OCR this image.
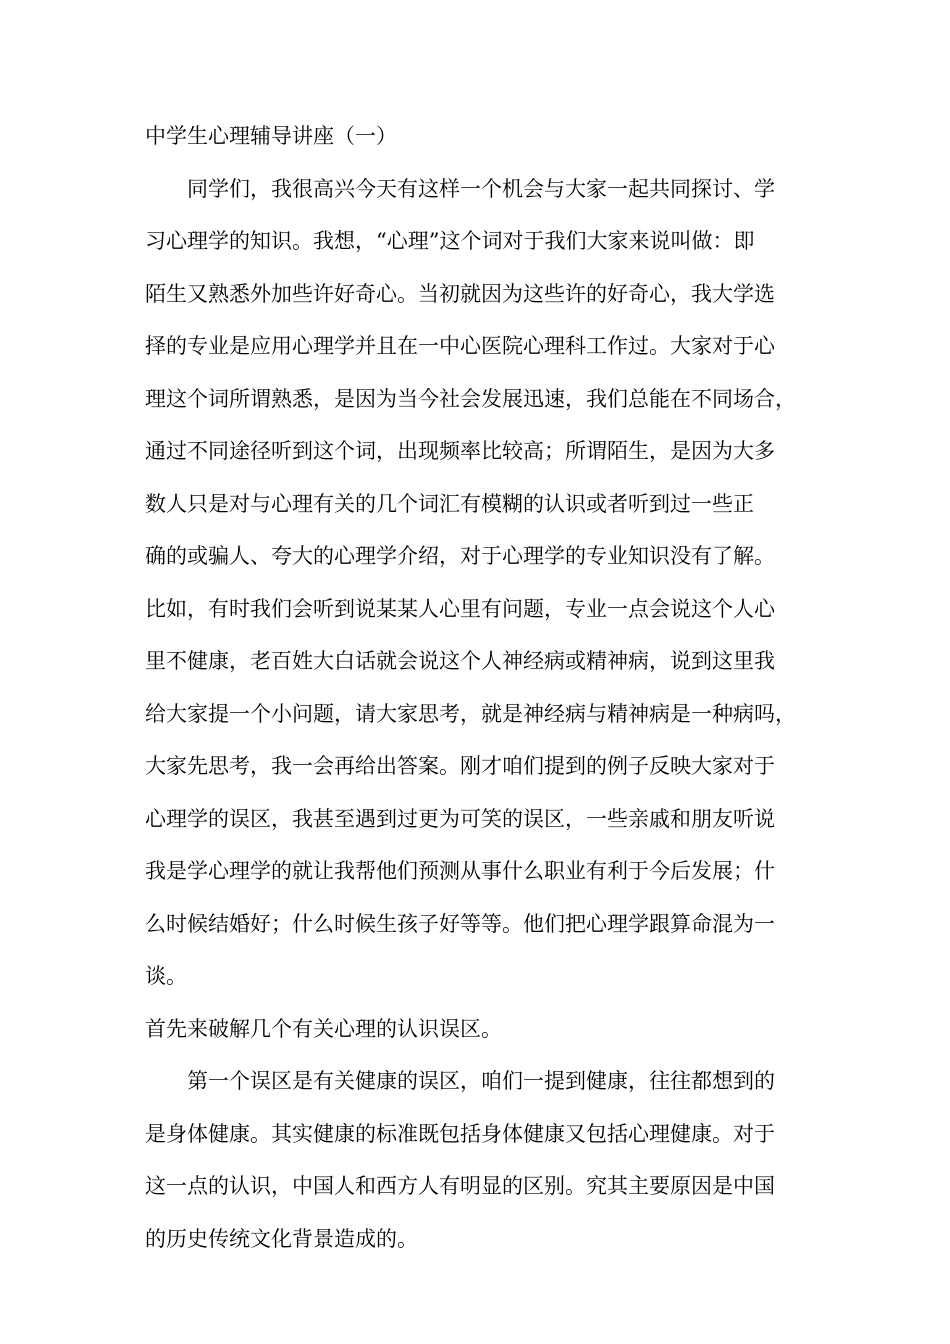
中学生心理辅导讲座（一）
同学们，我很高兴今天有这样一个机会与大家一起共同探讨、学
习心理学的知识。我想，“心理”这个词对于我们大家来说叫做：即
陌生又熟悉外加些许好奇心。当初就因为这些许的好奇心，我大学选
择的专业是应用心理学并且在一中心医院心理科工作过。大家对于心
理这个词所谓熟悉，是因为当今社会发展迅速，我们总能在不同场合，
通过不同途径听到这个词，出现频率比较高；所谓陌生，是因为大多
数人只是对与心理有关的几个词汇有模糊的认识或者听到过一些正
确的或骗人、夸大的心理学介绍，对于心理学的专业知识没有了解。
比如，有时我们会听到说某某人心里有问题，专业一点会说这个人心
里不健康，老百姓大白话就会说这个人神经病或精神病，说到这里我
给大家提一个小问题，请大家思考，就是神经病与精神病是一种病吗，
大家先思考，我一会再给出答案。刚才咱们提到的例子反映大家对于
心理学的误区，我甚至遇到过更为可笑的误区，一些亲戚和朋友听说
我是学心理学的就让我帮他们预测从事什么职业有利于今后发展；什
么时候结婚好；什么时候生孩子好等等。他们把心理学跟算命混为一
谈。
首先来破解几个有关心理的认识误区。
第一个误区是有关健康的误区，咱们一提到健康，往往都想到的
是身体健康。其实健康的标准既包括身体健康又包括心理健康。对于
这一点的认识，中国人和西方人有明显的区别。究其主要原因是中国
的历史传统文化背景造成的。
